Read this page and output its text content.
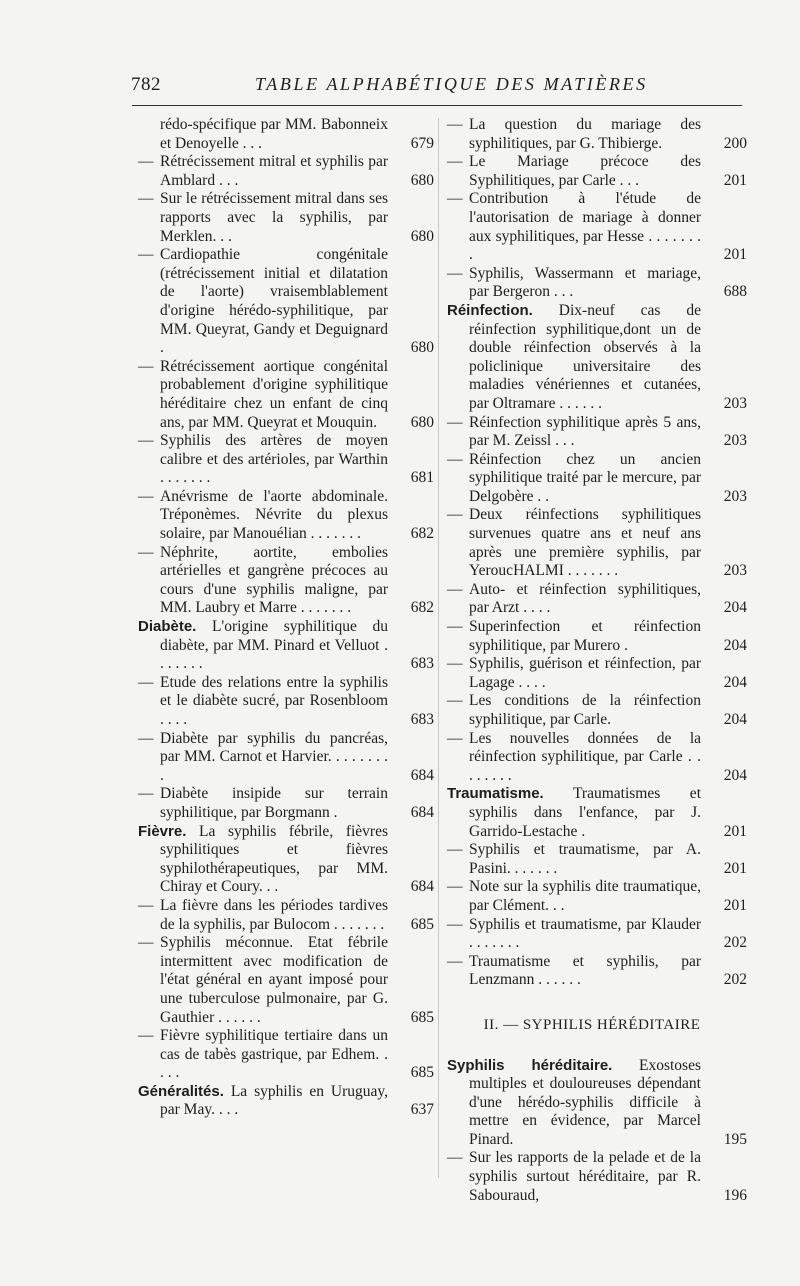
782	TABLE ALPHABÉTIQUE DES MATIÈRES
rédo-spécifique par MM. Babonneix et Denoyelle . . .	679
— Rétrécissement mitral et syphilis par Amblard . . .	680
— Sur le rétrécissement mitral dans ses rapports avec la syphilis, par Merklen. . .	680
— Cardiopathie congénitale (rétrécissement initial et dilatation de l'aorte) vraisemblablement d'origine hérédo-syphilitique, par MM. Queyrat, Gandy et Deguignard .	680
— Rétrécissement aortique congénital probablement d'origine syphilitique héréditaire chez un enfant de cinq ans, par MM. Queyrat et Mouquin.	680
— Syphilis des artères de moyen calibre et des artérioles, par Warthin . . . . . . .	681
— Anévrisme de l'aorte abdominale. Tréponèmes. Névrite du plexus solaire, par Manouélian . . . . . . .	682
— Néphrite, aortite, embolies artérielles et gangrène précoces au cours d'une syphilis maligne, par MM. Laubry et Marre . . . . . . .	682
Diabète. L'origine syphilitique du diabète, par MM. Pinard et Velluot . . . . . . .	683
— Etude des relations entre la syphilis et le diabète sucré, par Rosenbloom . . . .	683
— Diabète par syphilis du pancréas, par MM. Carnot et Harvier. . . . . . . . .	684
— Diabète insipide sur terrain syphilitique, par Borgmann .	684
Fièvre. La syphilis fébrile, fièvres syphilitiques et fièvres syphilothérapeutiques, par MM. Chiray et Coury. . .	684
— La fièvre dans les périodes tardives de la syphilis, par Bulocom . . . . . . .	685
— Syphilis méconnue. Etat fébrile intermittent avec modification de l'état général en ayant imposé pour une tuberculose pulmonaire, par G. Gauthier . . . . . .	685
— Fièvre syphilitique tertiaire dans un cas de tabès gastrique, par Edhem. . . . .	685
Généralités. La syphilis en Uruguay, par May. . . .	637
— La question du mariage des syphilitiques, par G. Thibierge.	200
— Le Mariage précoce des Syphilitiques, par Carle . . .	201
— Contribution à l'étude de l'autorisation de mariage à donner aux syphilitiques, par Hesse . . . . . . . .	201
— Syphilis, Wassermann et mariage, par Bergeron . . .	688
Réinfection. Dix-neuf cas de réinfection syphilitique,dont un de double réinfection observés à la policlinique universitaire des maladies vénériennes et cutanées, par Oltramare . . . . . .	203
— Réinfection syphilitique après 5 ans, par M. Zeissl . . .	203
— Réinfection chez un ancien syphilitique traité par le mercure, par Delgobère . .	203
— Deux réinfections syphilitiques survenues quatre ans et neuf ans après une première syphilis, par YeroucHALMI . . . . . . .	203
— Auto- et réinfection syphilitiques, par Arzt . . . .	204
— Superinfection et réinfection syphilitique, par Murero .	204
— Syphilis, guérison et réinfection, par Lagage . . . .	204
— Les conditions de la réinfection syphilitique, par Carle.	204
— Les nouvelles données de la réinfection syphilitique, par Carle . . . . . . . .	204
Traumatisme. Traumatismes et syphilis dans l'enfance, par J. Garrido-Lestache .	201
— Syphilis et traumatisme, par A. Pasini. . . . . . .	201
— Note sur la syphilis dite traumatique, par Clément. . .	201
— Syphilis et traumatisme, par Klauder . . . . . . .	202
— Traumatisme et syphilis, par Lenzmann . . . . . .	202
II. — SYPHILIS HÉRÉDITAIRE
Syphilis héréditaire. Exostoses multiples et douloureuses dépendant d'une hérédo-syphilis difficile à mettre en évidence, par Marcel Pinard.	195
— Sur les rapports de la pelade et de la syphilis surtout héréditaire, par R. Sabouraud,	196
